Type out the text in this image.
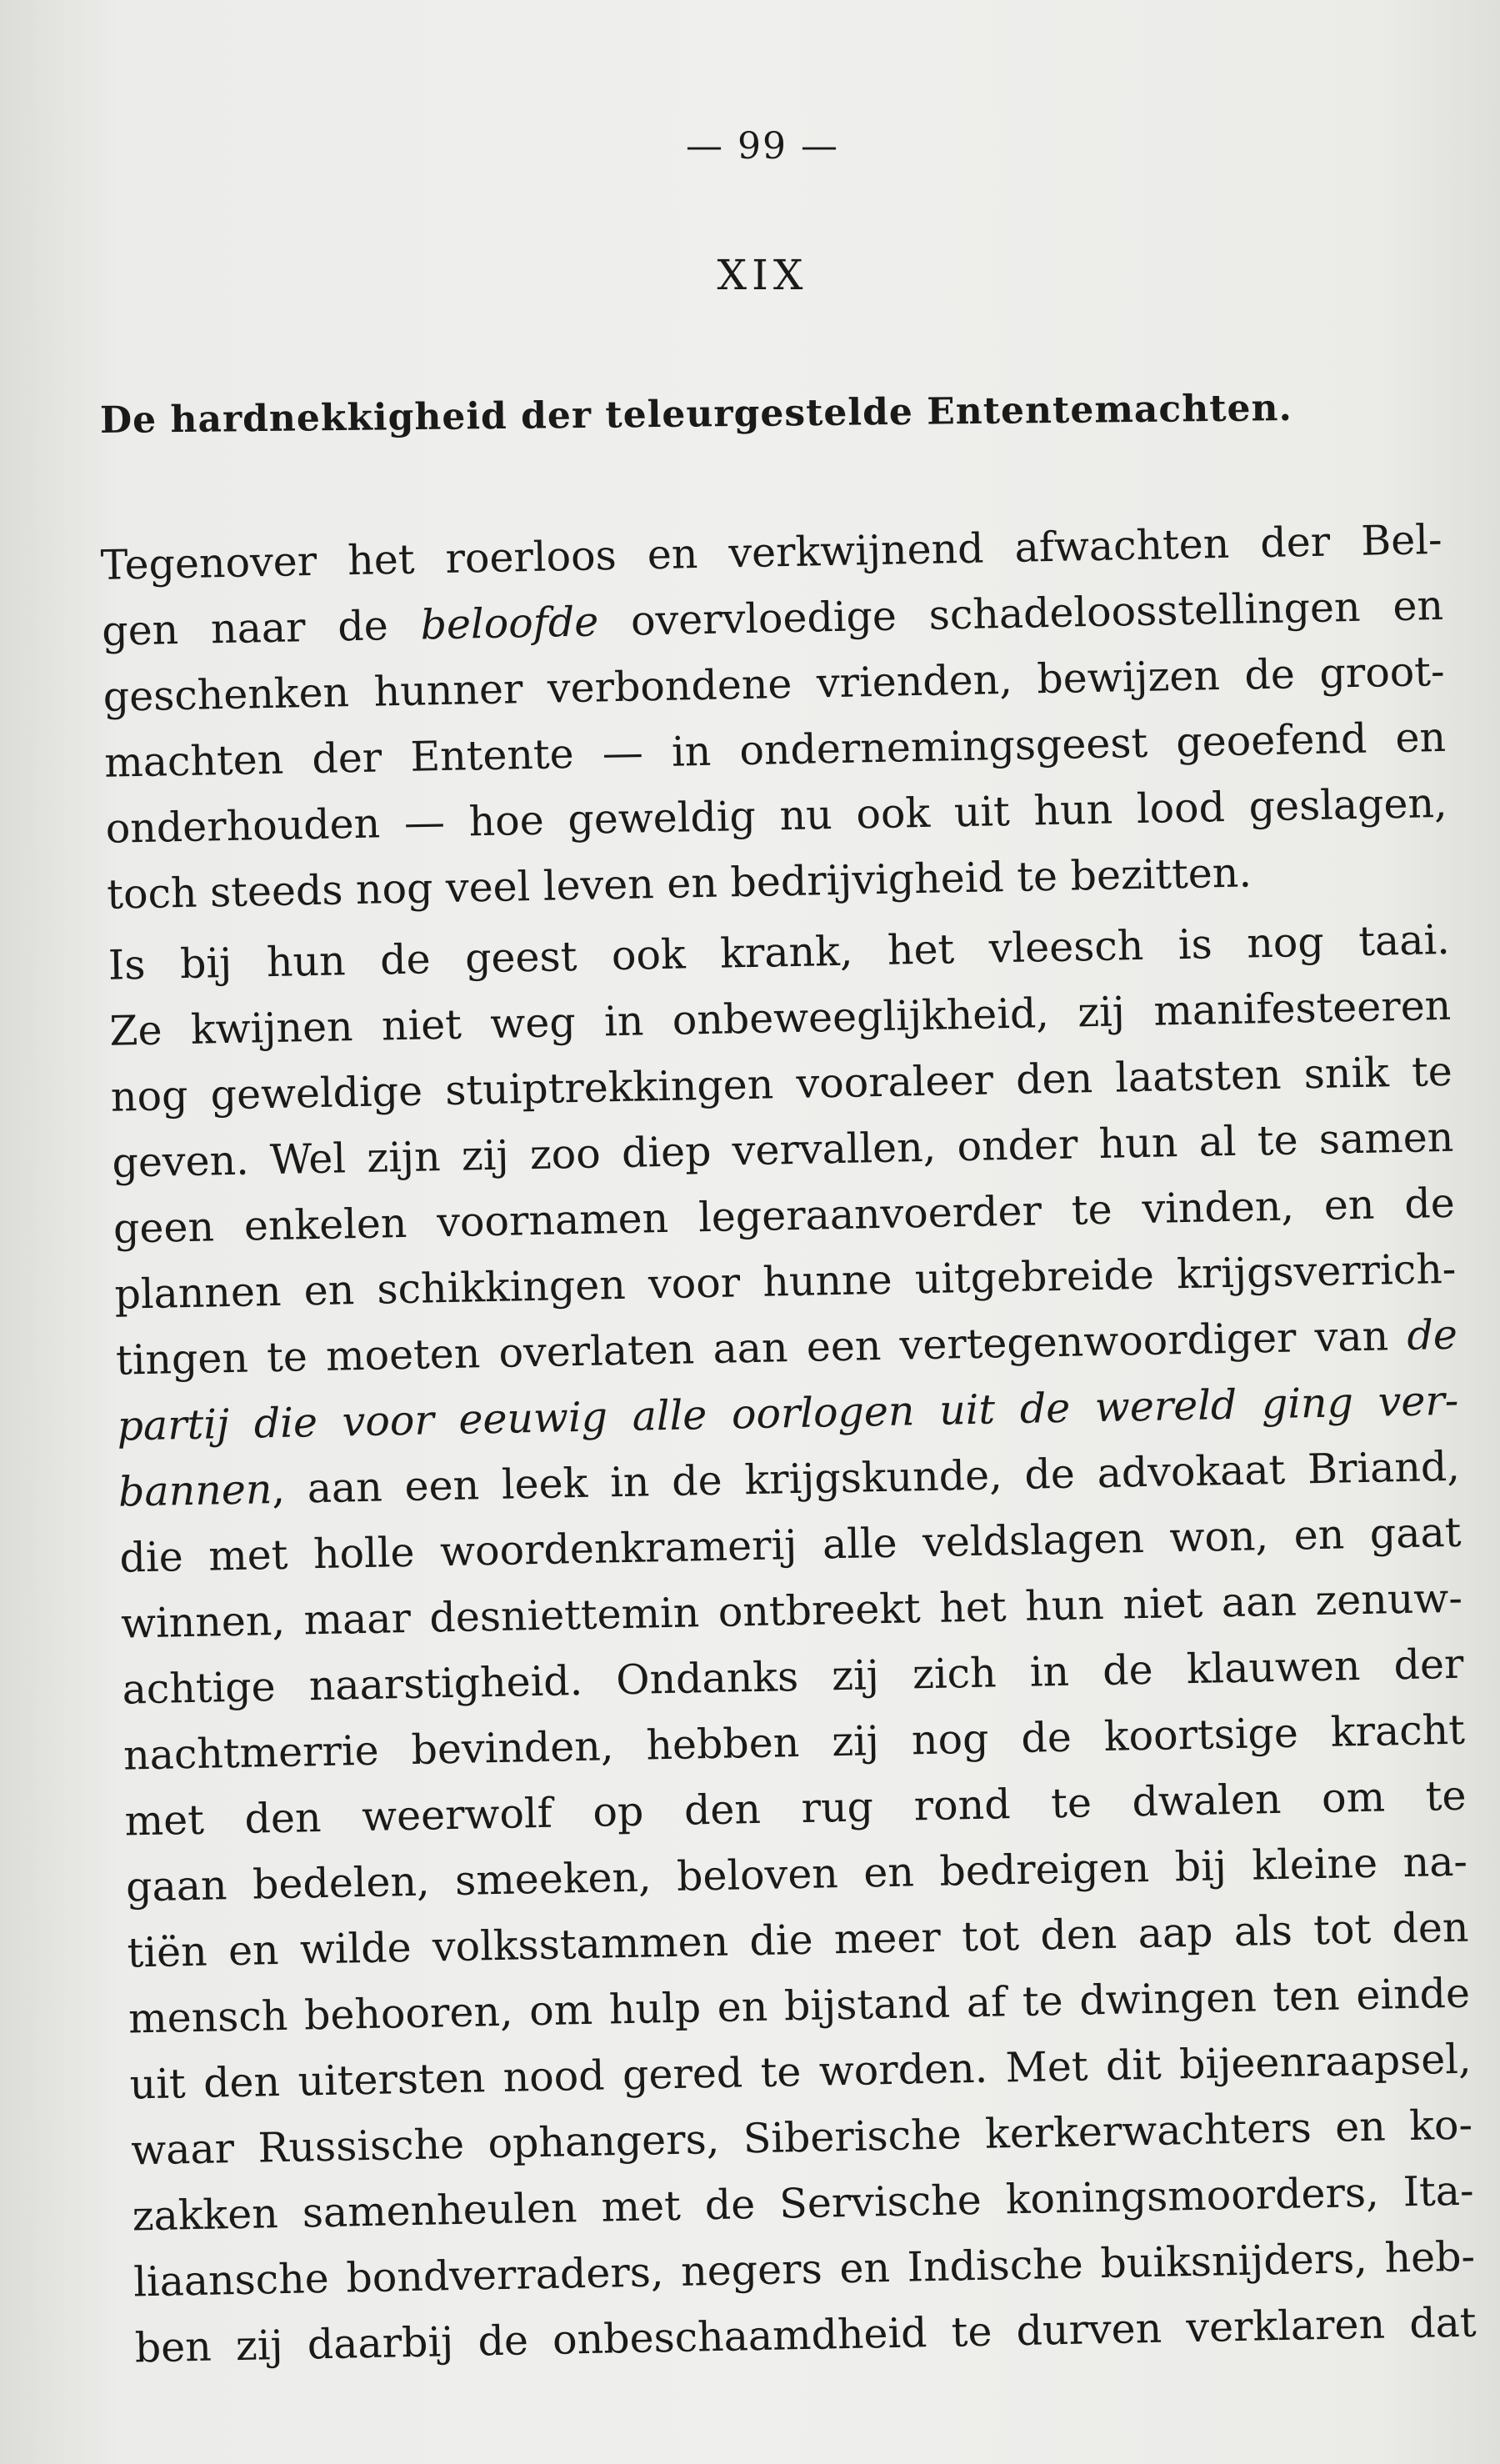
— 99 —
XIX
De hardnekkigheid der teleurgestelde Ententemachten.

Tegenover het roerloos en verkwijnend afwachten der Bel-
gen naar de beloofde overvloedige schadeloosstellingen en
geschenken hunner verbondene vrienden, bewijzen de groot-
machten der Entente — in ondernemingsgeest geoefend en
onderhouden — hoe geweldig nu ook uit hun lood geslagen,
toch steeds nog veel leven en bedrijvigheid te bezitten.

Is bij hun de geest ook krank, het vleesch is nog taai.
Ze kwijnen niet weg in onbeweeglijkheid, zij manifesteeren
nog geweldige stuiptrekkingen vooraleer den laatsten snik te
geven. Wel zijn zij zoo diep vervallen, onder hun al te samen
geen enkelen voornamen legeraanvoerder te vinden, en de
plannen en schikkingen voor hunne uitgebreide krijgsverrich-
tingen te moeten overlaten aan een vertegenwoordiger van de
partij die voor eeuwig alle oorlogen uit de wereld ging ver-
bannen, aan een leek in de krijgskunde, de advokaat Briand,
die met holle woordenkramerij alle veldslagen won, en gaat
winnen, maar desniettemin ontbreekt het hun niet aan zenuw-
achtige naarstigheid. Ondanks zij zich in de klauwen der
nachtmerrie bevinden, hebben zij nog de koortsige kracht
met den weerwolf op den rug rond te dwalen om te
gaan bedelen, smeeken, beloven en bedreigen bij kleine na-
tiën en wilde volksstammen die meer tot den aap als tot den
mensch behooren, om hulp en bijstand af te dwingen ten einde
uit den uitersten nood gered te worden. Met dit bijeenraapsel,
waar Russische ophangers, Siberische kerkerwachters en ko-
zakken samenheulen met de Servische koningsmoorders, Ita-
liaansche bondverraders, negers en Indische buiksnijders, heb-
ben zij daarbij de onbeschaamdheid te durven verklaren dat
